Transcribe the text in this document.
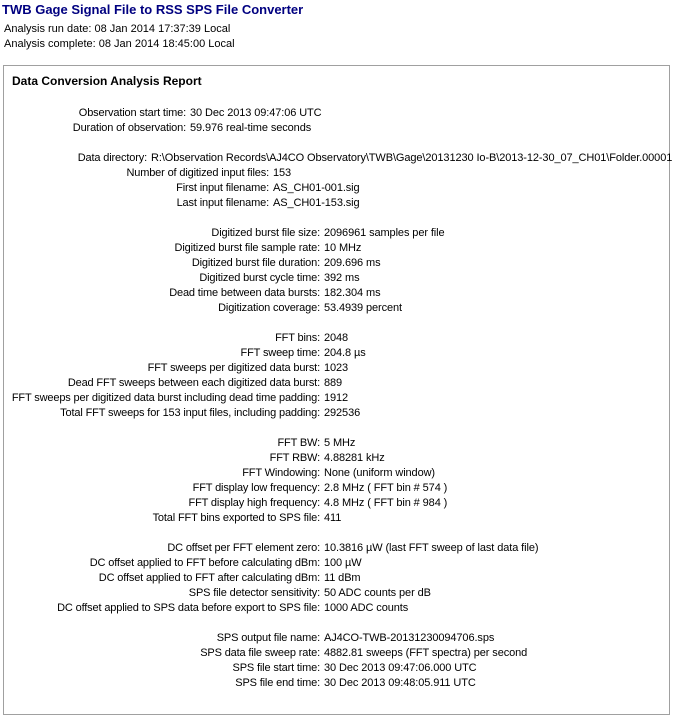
TWB Gage Signal File to RSS SPS File Converter
Analysis run date: 08 Jan 2014 17:37:39 Local
Analysis complete: 08 Jan 2014 18:45:00 Local
Data Conversion Analysis Report
Observation start time: 30 Dec 2013 09:47:06 UTC
Duration of observation: 59.976 real-time seconds
Data directory: R:\Observation Records\AJ4CO Observatory\TWB\Gage\20131230 Io-B\2013-12-30_07_CH01\Folder.00001
Number of digitized input files: 153
First input filename: AS_CH01-001.sig
Last input filename: AS_CH01-153.sig
Digitized burst file size: 2096961 samples per file
Digitized burst file sample rate: 10 MHz
Digitized burst file duration: 209.696 ms
Digitized burst cycle time: 392 ms
Dead time between data bursts: 182.304 ms
Digitization coverage: 53.4939 percent
FFT bins: 2048
FFT sweep time: 204.8 µs
FFT sweeps per digitized data burst: 1023
Dead FFT sweeps between each digitized data burst: 889
FFT sweeps per digitized data burst including dead time padding: 1912
Total FFT sweeps for 153 input files, including padding: 292536
FFT BW: 5 MHz
FFT RBW: 4.88281 kHz
FFT Windowing: None (uniform window)
FFT display low frequency: 2.8 MHz ( FFT bin # 574 )
FFT display high frequency: 4.8 MHz ( FFT bin # 984 )
Total FFT bins exported to SPS file: 411
DC offset per FFT element zero: 10.3816 µW (last FFT sweep of last data file)
DC offset applied to FFT before calculating dBm: 100 µW
DC offset applied to FFT after calculating dBm: 11 dBm
SPS file detector sensitivity: 50 ADC counts per dB
DC offset applied to SPS data before export to SPS file: 1000 ADC counts
SPS output file name: AJ4CO-TWB-20131230094706.sps
SPS data file sweep rate: 4882.81 sweeps (FFT spectra) per second
SPS file start time: 30 Dec 2013 09:47:06.000 UTC
SPS file end time: 30 Dec 2013 09:48:05.911 UTC
